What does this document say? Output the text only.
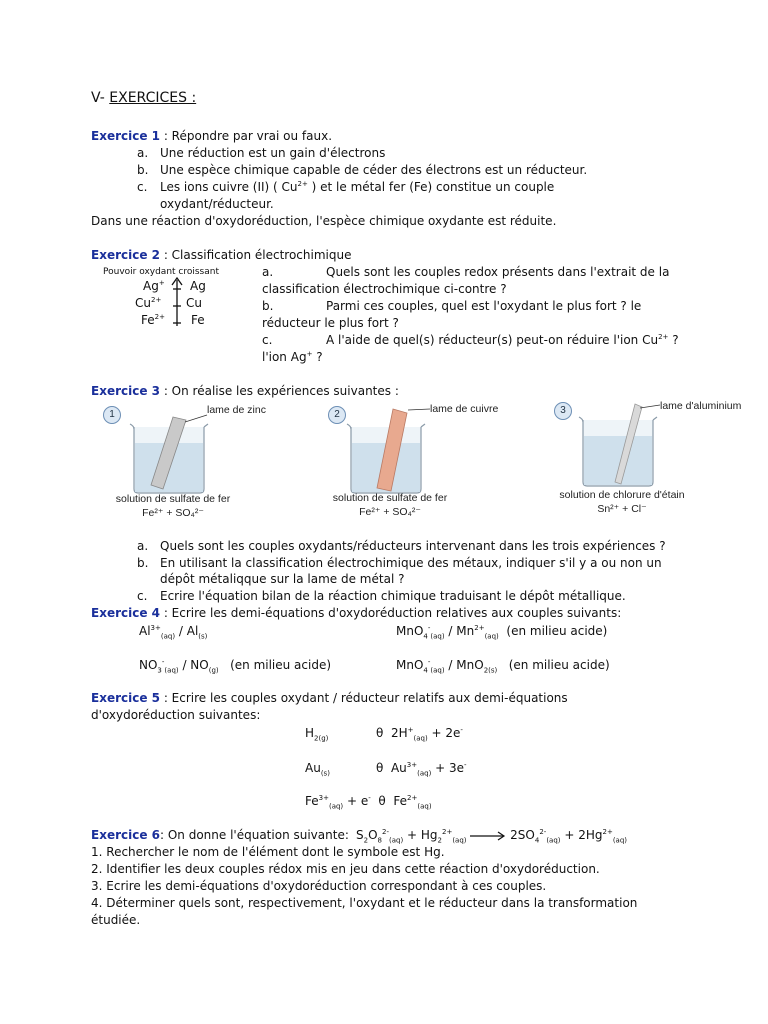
V- EXERCICES :
Exercice 1 : Répondre par vrai ou faux.
a. Une réduction est un gain d'électrons
b. Une espèce chimique capable de céder des électrons est un réducteur.
c. Les ions cuivre (II) ( $Cu^{2+}$ ) et le métal fer (Fe) constitue un couple
oxydant/réducteur.
Dans une réaction d'oxydoréduction, l'espèce chimique oxydante est réduite.
Exercice 2 : Classification électrochimique
Pouvoir oxydant croissant
Ag+ Ag
$Cu^{2+}$ Cu
$Fe^{2+}$ Fe
a.	Quels sont les couples redox présents dans l'extrait de la
classification électrochimique ci-contre ?
b.	Parmi ces couples, quel est l'oxydant le plus fort ? le
réducteur le plus fort ?
c.	A l'aide de quel(s) réducteur(s) peut-on réduire l'ion $Cu^{2+}$ ?
l'ion Ag+ ?
Exercice 3 : On réalise les expériences suivantes :
1	lame de zinc
solution de sulfate de fer
Fe²⁺ + SO₄²⁻
2	lame de cuivre
solution de sulfate de fer
Fe²⁺ + SO₄²⁻
3	lame d'aluminium
solution de chlorure d'étain
Sn²⁺ + Cl⁻
a. Quels sont les couples oxydants/réducteurs intervenant dans les trois expériences ?
b. En utilisant la classification électrochimique des métaux, indiquer s'il y a ou non un
dépôt métaliqque sur la lame de métal ?
c. Ecrire l'équation bilan de la réaction chimique traduisant le dépôt métallique.
Exercice 4 : Ecrire les demi-équations d'oxydoréduction relatives aux couples suivants:
$Al^{3+}_{(aq)} / Al_{(s)}$	$MnO_4^-_{(aq)} / Mn^{2+}_{(aq)}$ (en milieu acide)
$NO_3^-_{(aq)} / NO_{(g)}$ (en milieu acide)	MnO$_4$-$_{(aq)}$ / MnO$_{2(s)}$ (en milieu acide)
Exercice 5 : Ecrire les couples oxydant / réducteur relatifs aux demi-équations
d'oxydoréduction suivantes:
$H_{2(g)}$	θ  $2H^+_{(aq)} + 2e^-$
$Au_{(s)}$	θ  $Au^{3+}_{(aq)} + 3e^-$
$Fe^{3+}_{(aq)} + e^-$ θ  $Fe^{2+}_{(aq)}$
Exercice 6: On donne l'équation suivante: $S_2O_8^{2-}_{(aq)} + Hg_2^{2+}_{(aq)} \to 2SO_4^{2-}_{(aq)} + 2Hg^{2+}_{(aq)}$
1. Rechercher le nom de l'élément dont le symbole est Hg.
2. Identifier les deux couples rédox mis en jeu dans cette réaction d'oxydoréduction.
3. Ecrire les demi-équations d'oxydoréduction correspondant à ces couples.
4. Déterminer quels sont, respectivement, l'oxydant et le réducteur dans la transformation
étudiée.
